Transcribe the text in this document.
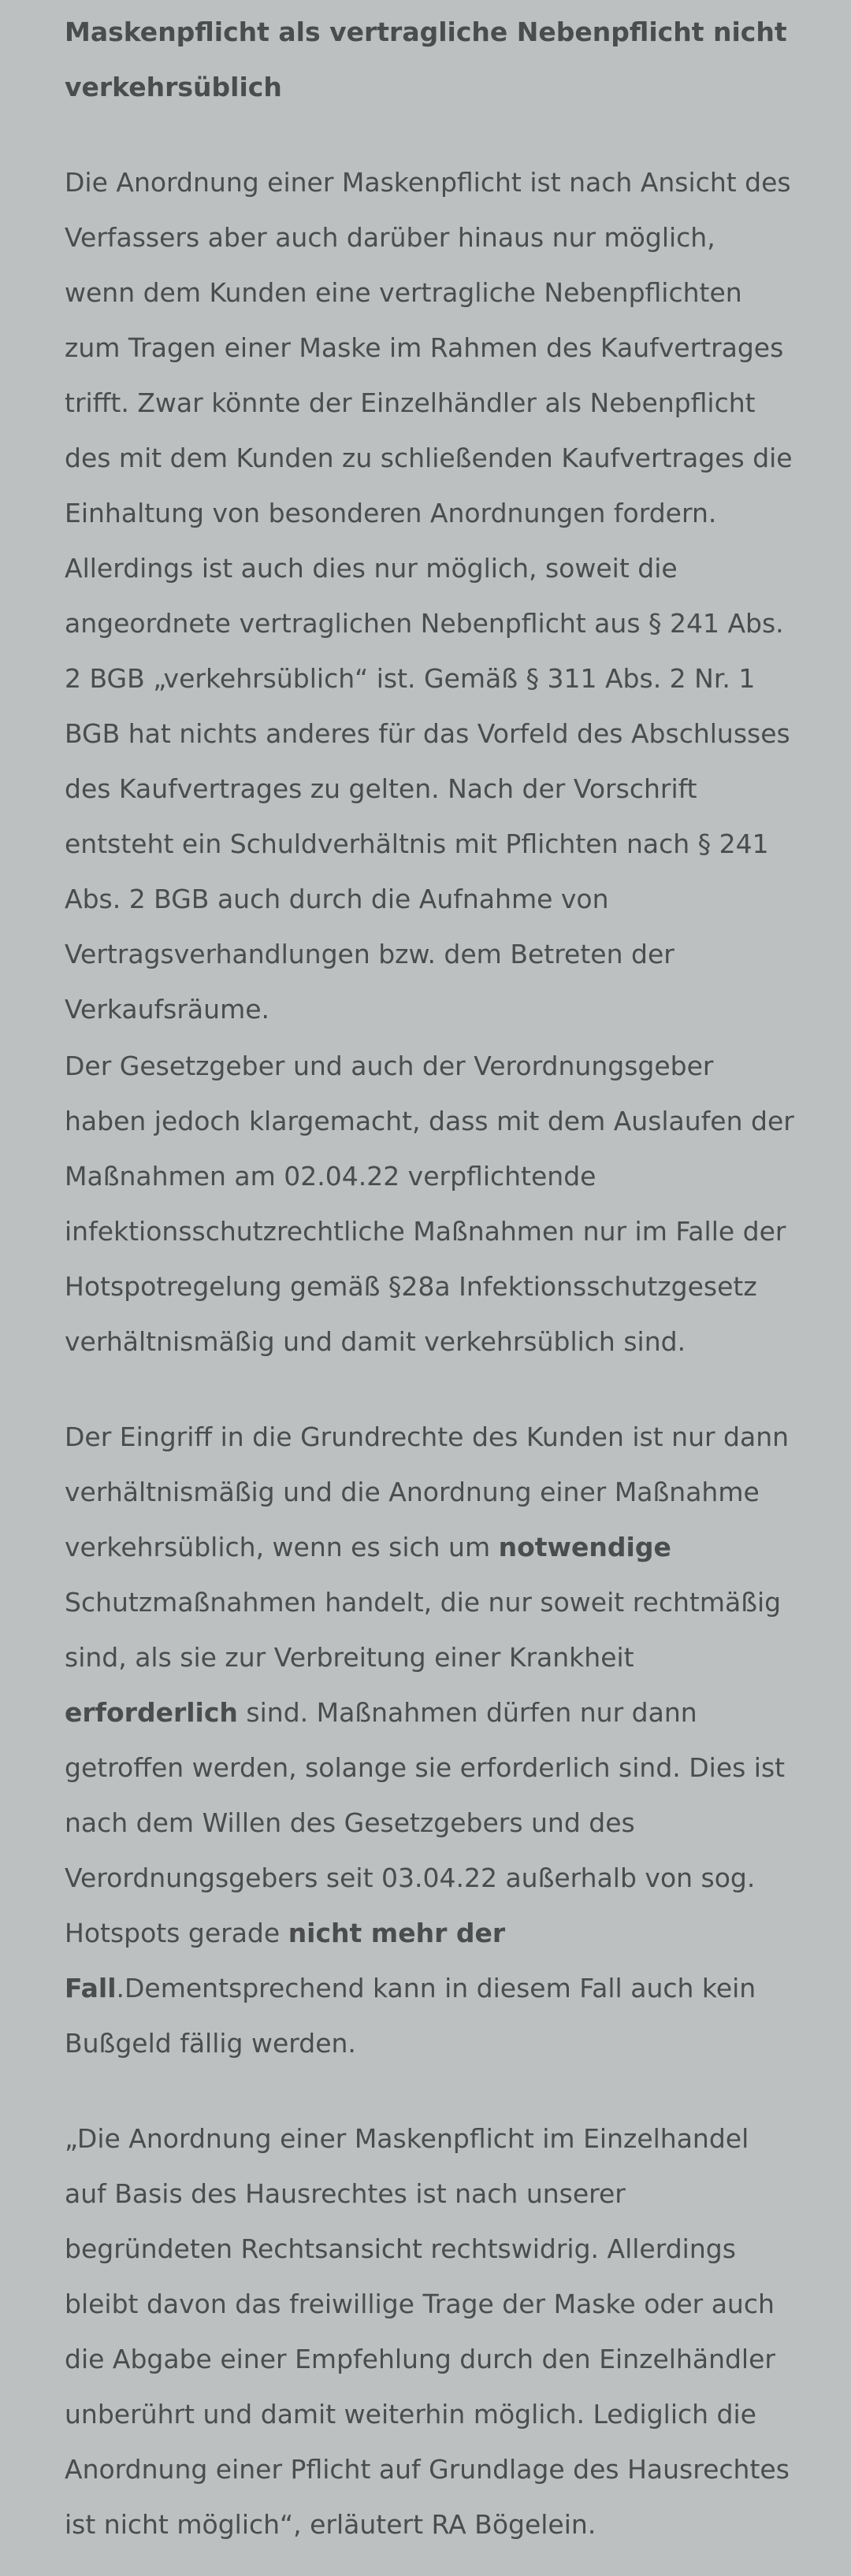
Maskenpflicht als vertragliche Nebenpflicht nicht
verkehrsüblich

Die Anordnung einer Maskenpflicht ist nach Ansicht des
Verfassers aber auch darüber hinaus nur möglich,
wenn dem Kunden eine vertragliche Nebenpflichten
zum Tragen einer Maske im Rahmen des Kaufvertrages
trifft. Zwar könnte der Einzelhändler als Nebenpflicht
des mit dem Kunden zu schließenden Kaufvertrages die
Einhaltung von besonderen Anordnungen fordern.
Allerdings ist auch dies nur möglich, soweit die
angeordnete vertraglichen Nebenpflicht aus § 241 Abs.
2 BGB „verkehrsüblich“ ist. Gemäß § 311 Abs. 2 Nr. 1
BGB hat nichts anderes für das Vorfeld des Abschlusses
des Kaufvertrages zu gelten. Nach der Vorschrift
entsteht ein Schuldverhältnis mit Pflichten nach § 241
Abs. 2 BGB auch durch die Aufnahme von
Vertragsverhandlungen bzw. dem Betreten der
Verkaufsräume.

Der Gesetzgeber und auch der Verordnungsgeber
haben jedoch klargemacht, dass mit dem Auslaufen der
Maßnahmen am 02.04.22 verpflichtende
infektionsschutzrechtliche Maßnahmen nur im Falle der
Hotspotregelung gemäß §28a Infektionsschutzgesetz
verhältnismäßig und damit verkehrsüblich sind.

Der Eingriff in die Grundrechte des Kunden ist nur dann
verhältnismäßig und die Anordnung einer Maßnahme
verkehrsüblich, wenn es sich um notwendige
Schutzmaßnahmen handelt, die nur soweit rechtmäßig
sind, als sie zur Verbreitung einer Krankheit
erforderlich sind. Maßnahmen dürfen nur dann
getroffen werden, solange sie erforderlich sind. Dies ist
nach dem Willen des Gesetzgebers und des
Verordnungsgebers seit 03.04.22 außerhalb von sog.
Hotspots gerade nicht mehr der
Fall.Dementsprechend kann in diesem Fall auch kein
Bußgeld fällig werden.

„Die Anordnung einer Maskenpflicht im Einzelhandel
auf Basis des Hausrechtes ist nach unserer
begründeten Rechtsansicht rechtswidrig. Allerdings
bleibt davon das freiwillige Trage der Maske oder auch
die Abgabe einer Empfehlung durch den Einzelhändler
unberührt und damit weiterhin möglich. Lediglich die
Anordnung einer Pflicht auf Grundlage des Hausrechtes
ist nicht möglich“, erläutert RA Bögelein.
